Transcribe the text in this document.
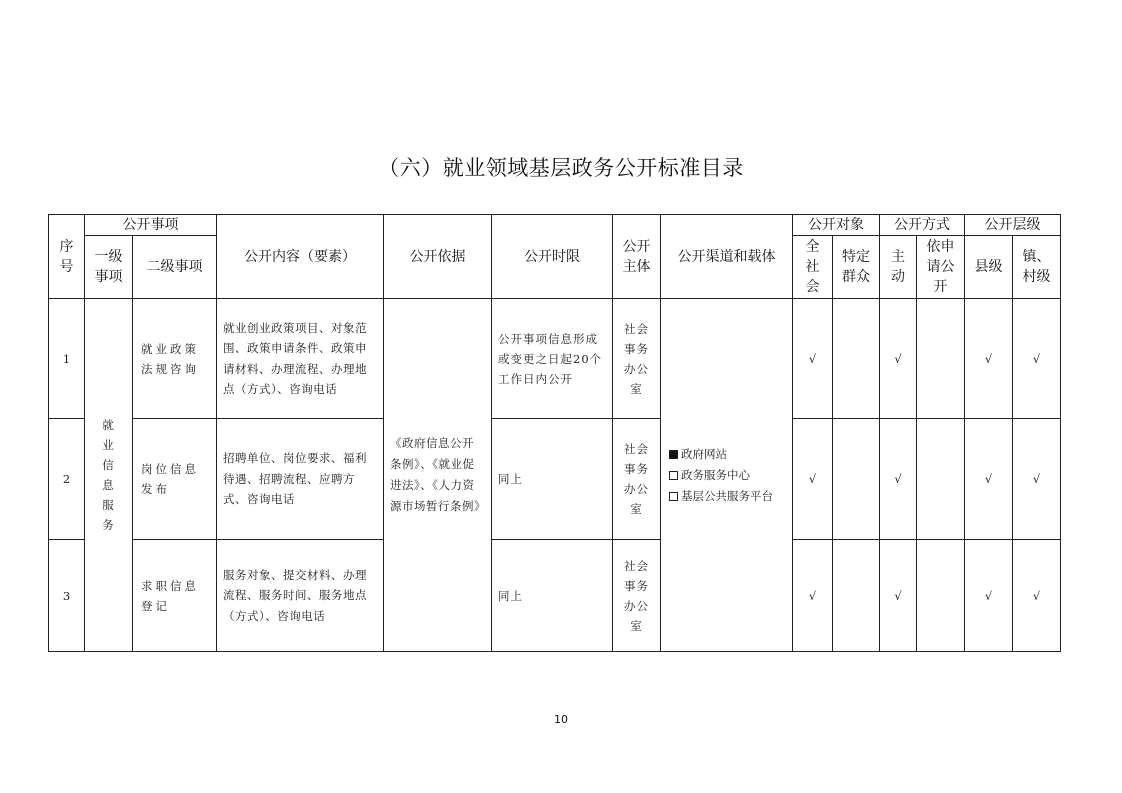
（六）就业领域基层政务公开标准目录
序号	公开事项		公开内容（要素）	公开依据	公开时限	公开主体	公开渠道和载体	公开对象		公开方式		公开层级	
	一级事项	二级事项						全社会	特定群众	主动	依申请公开	县级	镇、村级
1	就业信息服务	就业政策法规咨询	就业创业政策项目、对象范围、政策申请条件、政策申请材料、办理流程、办理地点（方式）、咨询电话	《政府信息公开条例》、《就业促进法》、《人力资源市场暂行条例》	公开事项信息形成或变更之日起20个工作日内公开	社会事务办公室	政府网站
政务服务中心
基层公共服务平台	√		√		√	√
2		岗位信息发布	招聘单位、岗位要求、福利待遇、招聘流程、应聘方式、咨询电话		同上	社会事务办公室		√		√		√	√
3		求职信息登记	服务对象、提交材料、办理流程、服务时间、服务地点（方式）、咨询电话		同上	社会事务办公室		√		√		√	√
10
